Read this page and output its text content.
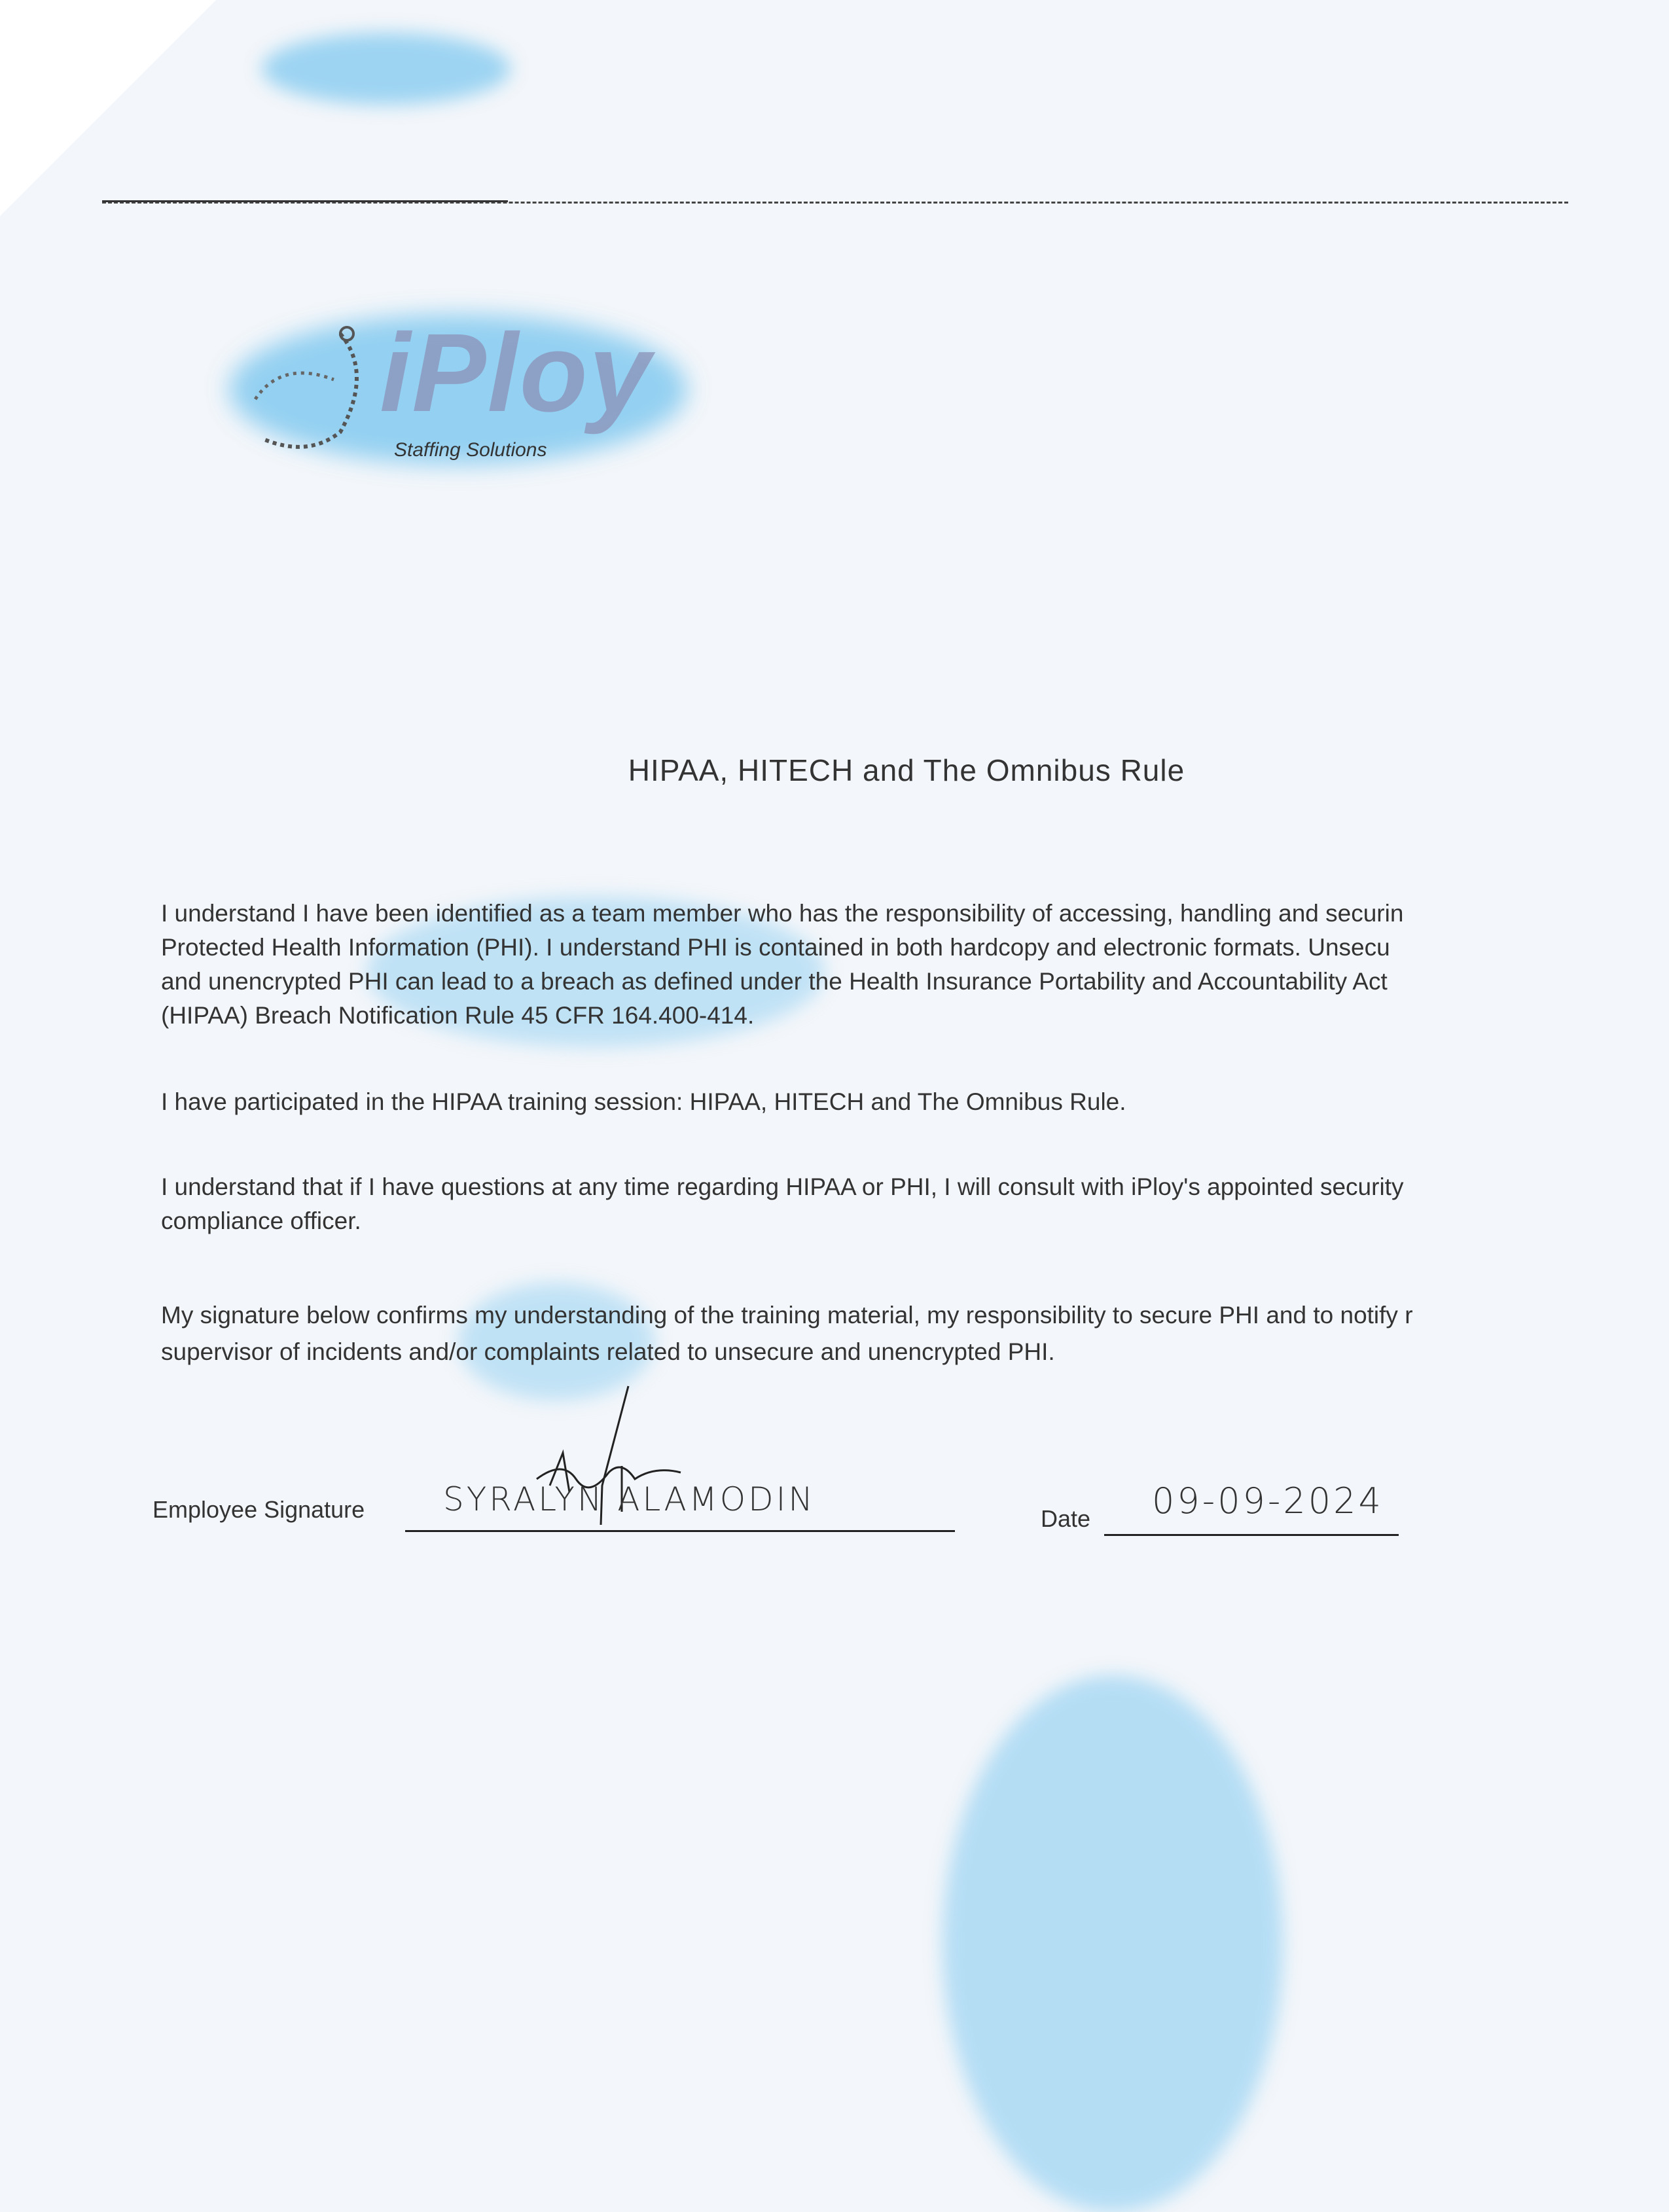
iPloy
Staffing Solutions
HIPAA, HITECH and The Omnibus Rule
I understand I have been identified as a team member who has the responsibility of accessing, handling and securin
Protected Health Information (PHI). I understand PHI is contained in both hardcopy and electronic formats. Unsecu
and unencrypted PHI can lead to a breach as defined under the Health Insurance Portability and Accountability Act
(HIPAA) Breach Notification Rule 45 CFR 164.400-414.
I have participated in the HIPAA training session: HIPAA, HITECH and The Omnibus Rule.
I understand that if I have questions at any time regarding HIPAA or PHI, I will consult with iPloy's appointed security
compliance officer.
My signature below confirms my understanding of the training material, my responsibility to secure PHI and to notify r
supervisor of incidents and/or complaints related to unsecure and unencrypted PHI.
Employee Signature SYRALYN ALAMODIN
Date 09-09-2024
